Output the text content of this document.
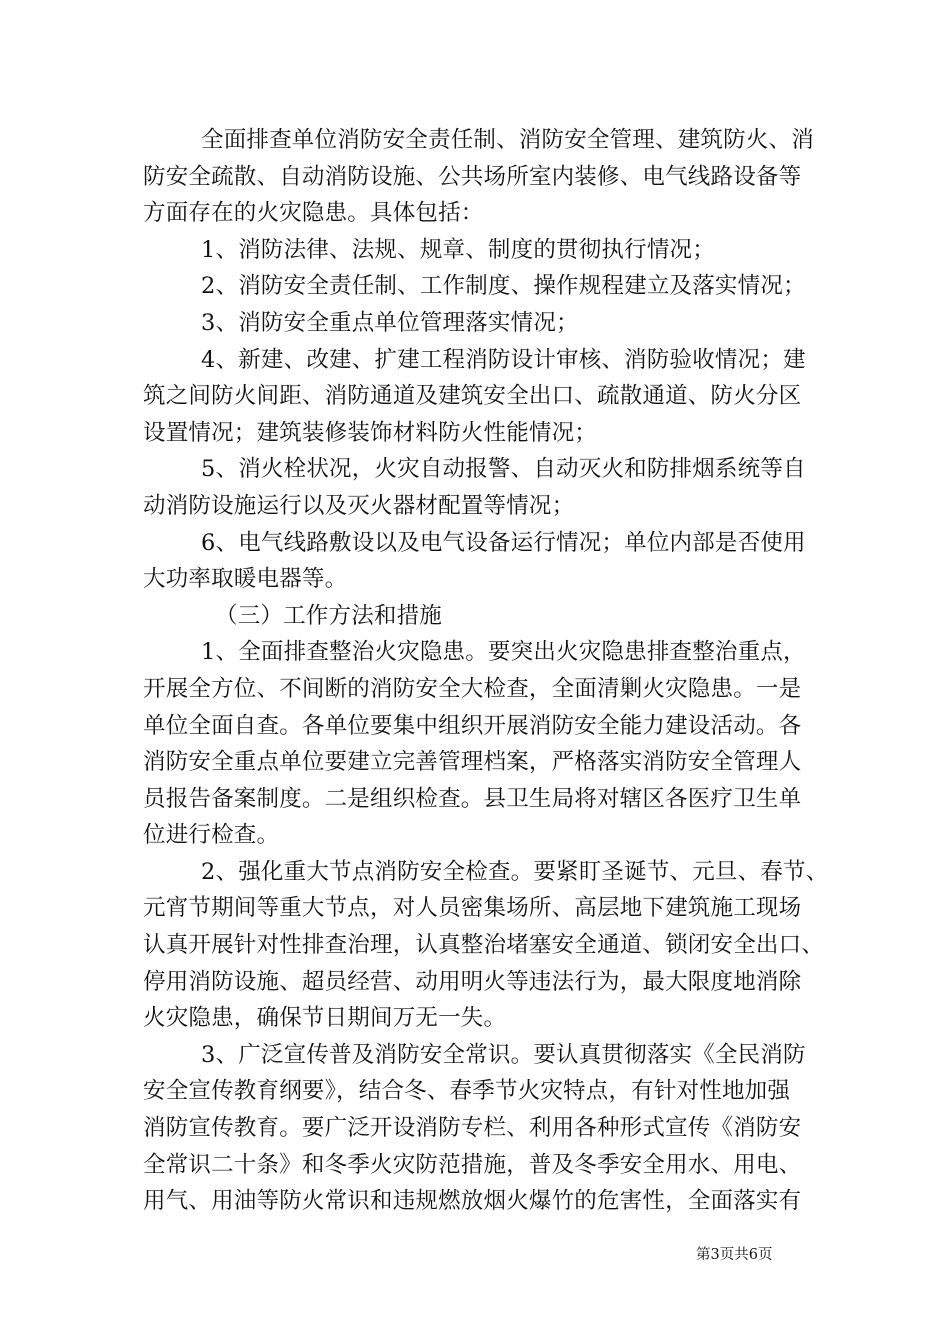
全面排查单位消防安全责任制、消防安全管理、建筑防火、消
防安全疏散、自动消防设施、公共场所室内装修、电气线路设备等
方面存在的火灾隐患。具体包括：
1、消防法律、法规、规章、制度的贯彻执行情况；
2、消防安全责任制、工作制度、操作规程建立及落实情况；
3、消防安全重点单位管理落实情况；
4、新建、改建、扩建工程消防设计审核、消防验收情况；建
筑之间防火间距、消防通道及建筑安全出口、疏散通道、防火分区
设置情况；建筑装修装饰材料防火性能情况；
5、消火栓状况，火灾自动报警、自动灭火和防排烟系统等自
动消防设施运行以及灭火器材配置等情况；
6、电气线路敷设以及电气设备运行情况；单位内部是否使用
大功率取暖电器等。
（三）工作方法和措施
1、全面排查整治火灾隐患。要突出火灾隐患排查整治重点，
开展全方位、不间断的消防安全大检查，全面清剿火灾隐患。一是
单位全面自查。各单位要集中组织开展消防安全能力建设活动。各
消防安全重点单位要建立完善管理档案，严格落实消防安全管理人
员报告备案制度。二是组织检查。县卫生局将对辖区各医疗卫生单
位进行检查。
2、强化重大节点消防安全检查。要紧盯圣诞节、元旦、春节、
元宵节期间等重大节点，对人员密集场所、高层地下建筑施工现场
认真开展针对性排查治理，认真整治堵塞安全通道、锁闭安全出口、
停用消防设施、超员经营、动用明火等违法行为，最大限度地消除
火灾隐患，确保节日期间万无一失。
3、广泛宣传普及消防安全常识。要认真贯彻落实《全民消防
安全宣传教育纲要》，结合冬、春季节火灾特点，有针对性地加强
消防宣传教育。要广泛开设消防专栏、利用各种形式宣传《消防安
全常识二十条》和冬季火灾防范措施，普及冬季安全用水、用电、
用气、用油等防火常识和违规燃放烟火爆竹的危害性，全面落实有
第3页共6页
